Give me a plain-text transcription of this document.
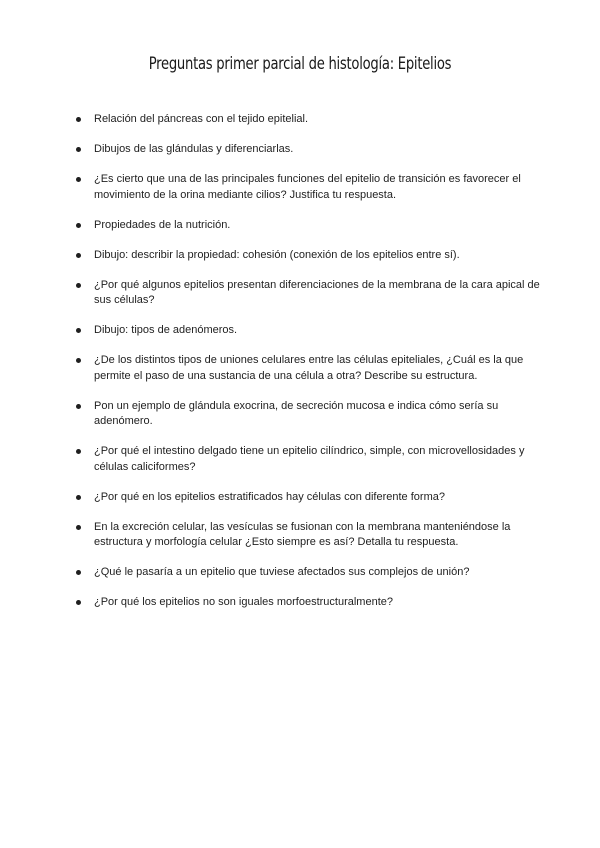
Preguntas primer parcial de histología: Epitelios
Relación del páncreas con el tejido epitelial.
Dibujos de las glándulas y diferenciarlas.
¿Es cierto que una de las principales funciones del epitelio de transición es favorecer el movimiento de la orina mediante cilios? Justifica tu respuesta.
Propiedades de la nutrición.
Dibujo: describir la propiedad: cohesión (conexión de los epitelios entre sí).
¿Por qué algunos epitelios presentan diferenciaciones de la membrana de la cara apical de sus células?
Dibujo: tipos de adenómeros.
¿De los distintos tipos de uniones celulares entre las células epiteliales, ¿Cuál es la que permite el paso de una sustancia de una célula a otra? Describe su estructura.
Pon un ejemplo de glándula exocrina, de secreción mucosa e indica cómo sería su adenómero.
¿Por qué el intestino delgado tiene un epitelio cilíndrico, simple, con microvellosidades y células caliciformes?
¿Por qué en los epitelios estratificados hay células con diferente forma?
En la excreción celular, las vesículas se fusionan con la membrana manteniéndose la estructura y morfología celular ¿Esto siempre es así? Detalla tu respuesta.
¿Qué le pasaría a un epitelio que tuviese afectados sus complejos de unión?
¿Por qué los epitelios no son iguales morfoestructuralmente?
